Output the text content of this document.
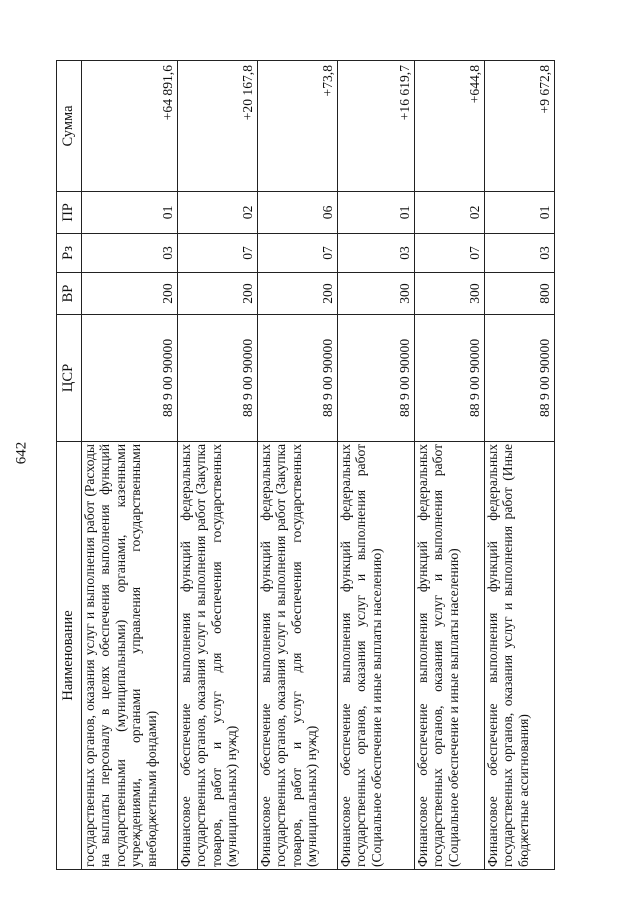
642
Наименование	ЦСР	ВР	Рз	ПР	Сумма
государственных органов, оказания услуг и выполнения работ (Расходы на выплаты персоналу в целях обеспечения выполнения функций государственными (муниципальными) органами, казенными учреждениями, органами управления государственными внебюджетными фондами)	88 9 00 90000	200	03	01	+64 891,6
Финансовое обеспечение выполнения функций федеральных государственных органов, оказания услуг и выполнения работ (Закупка товаров, работ и услуг для обеспечения государственных (муниципальных) нужд)	88 9 00 90000	200	07	02	+20 167,8
Финансовое обеспечение выполнения функций федеральных государственных органов, оказания услуг и выполнения работ (Закупка товаров, работ и услуг для обеспечения государственных (муниципальных) нужд)	88 9 00 90000	200	07	06	+73,8
Финансовое обеспечение выполнения функций федеральных государственных органов, оказания услуг и выполнения работ (Социальное обеспечение и иные выплаты населению)	88 9 00 90000	300	03	01	+16 619,7
Финансовое обеспечение выполнения функций федеральных государственных органов, оказания услуг и выполнения работ (Социальное обеспечение и иные выплаты населению)	88 9 00 90000	300	07	02	+644,8
Финансовое обеспечение выполнения функций федеральных государственных органов, оказания услуг и выполнения работ (Иные бюджетные ассигнования)	88 9 00 90000	800	03	01	+9 672,8
